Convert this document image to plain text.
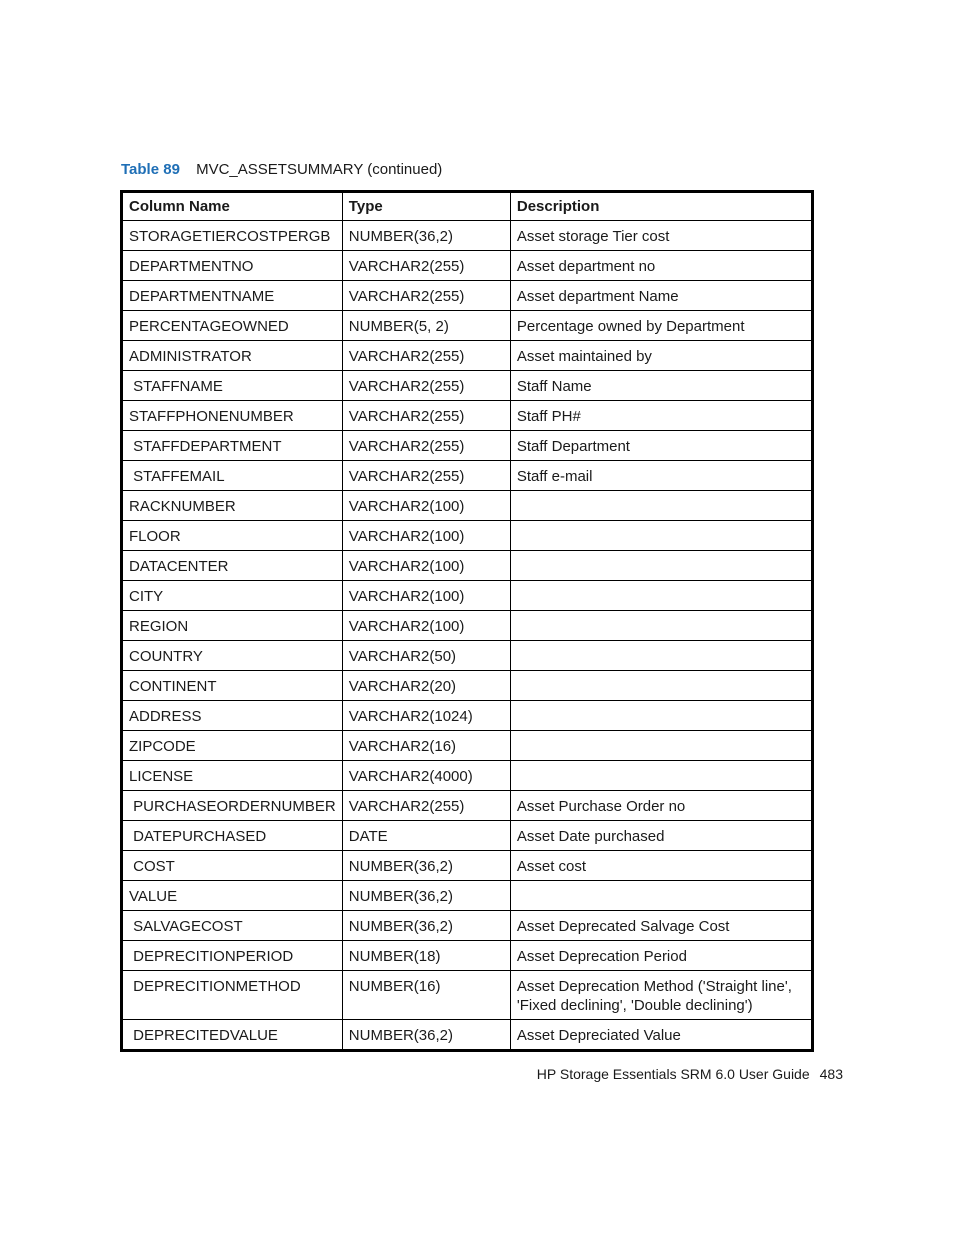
Table 89 MVC_ASSETSUMMARY (continued)
Column Name	Type	Description
STORAGETIERCOSTPERGB	NUMBER(36,2)	Asset storage Tier cost
DEPARTMENTNO	VARCHAR2(255)	Asset department no
DEPARTMENTNAME	VARCHAR2(255)	Asset department Name
PERCENTAGEOWNED	NUMBER(5, 2)	Percentage owned by Department
ADMINISTRATOR	VARCHAR2(255)	Asset maintained by
STAFFNAME	VARCHAR2(255)	Staff Name
STAFFPHONENUMBER	VARCHAR2(255)	Staff PH#
STAFFDEPARTMENT	VARCHAR2(255)	Staff Department
STAFFEMAIL	VARCHAR2(255)	Staff e-mail
RACKNUMBER	VARCHAR2(100)	
FLOOR	VARCHAR2(100)	
DATACENTER	VARCHAR2(100)	
CITY	VARCHAR2(100)	
REGION	VARCHAR2(100)	
COUNTRY	VARCHAR2(50)	
CONTINENT	VARCHAR2(20)	
ADDRESS	VARCHAR2(1024)	
ZIPCODE	VARCHAR2(16)	
LICENSE	VARCHAR2(4000)	
PURCHASEORDERNUMBER	VARCHAR2(255)	Asset Purchase Order no
DATEPURCHASED	DATE	Asset Date purchased
COST	NUMBER(36,2)	Asset cost
VALUE	NUMBER(36,2)	
SALVAGECOST	NUMBER(36,2)	Asset Deprecated Salvage Cost
DEPRECITIONPERIOD	NUMBER(18)	Asset Deprecation Period
DEPRECITIONMETHOD	NUMBER(16)	Asset Deprecation Method ('Straight line', 'Fixed declining', 'Double declining')
DEPRECITEDVALUE	NUMBER(36,2)	Asset Depreciated Value
HP Storage Essentials SRM 6.0 User Guide 483
